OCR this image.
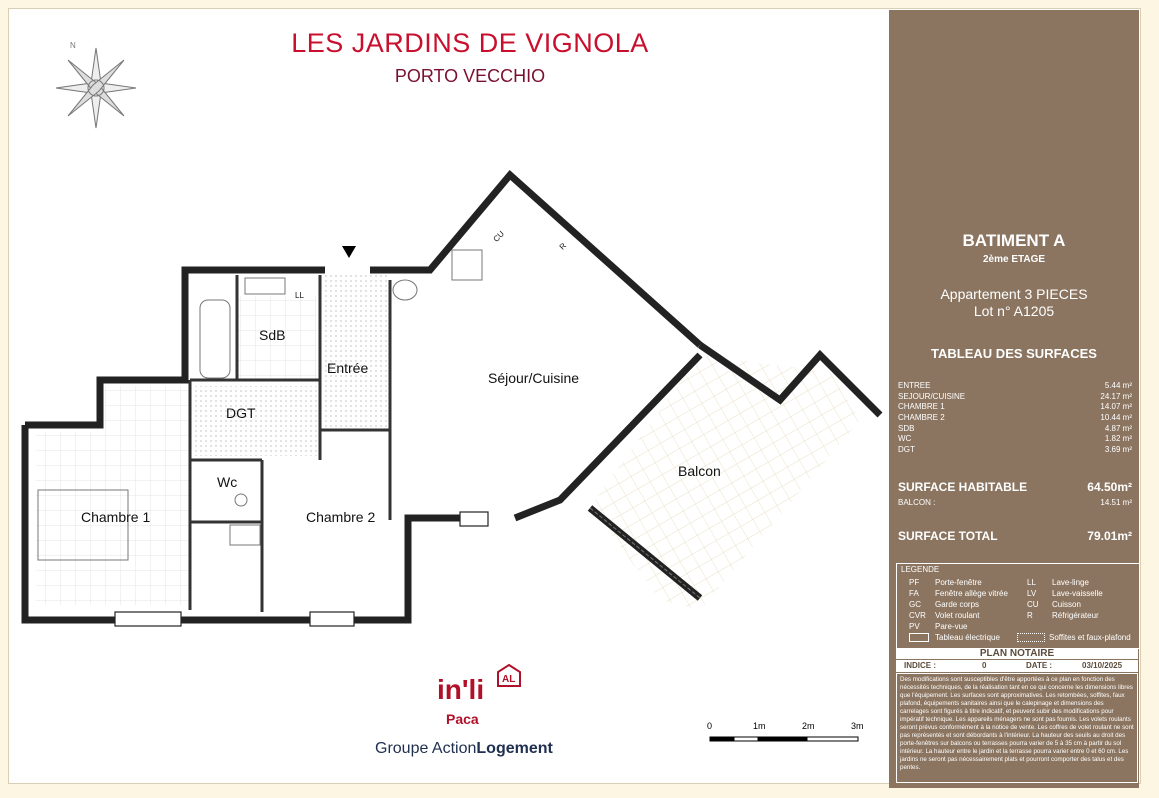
N	LES JARDINS DE VIGNOLA
PORTO VECCHIO
SdB
Entrée
Séjour/Cuisine
DGT
Wc
Chambre 1	Chambre 2
Balcon
LL
CU
R
in'li AL
Paca
Groupe ActionLogement
0	1m	2m	3m
BATIMENT A
2ème ETAGE
Appartement 3 PIECES
Lot n° A1205
TABLEAU DES SURFACES
ENTREE	5.44 m²
SEJOUR/CUISINE	24.17 m²
CHAMBRE 1	14.07 m²
CHAMBRE 2	10.44 m²
SDB	4.87 m²
WC	1.82 m²
DGT	3.69 m²
SURFACE HABITABLE	64.50m²
BALCON :	14.51 m²
SURFACE TOTAL	79.01m²
LEGENDE
PF Porte-fenêtre	LL Lave-linge
FA Fenêtre allège vitrée LV Lave-vaisselle
GC Garde corps	CU Cuisson
CVR Volet roulant	R Réfrigérateur
PV Pare-vue
Tableau électrique	Soffites et faux-plafond
PLAN NOTAIRE
INDICE :	0	DATE :	03/10/2025
Des modifications sont susceptibles d'être apportées à ce plan en fonction des nécessités techniques, de la réalisation tant en ce qui concerne les dimensions libres que l'équipement. Les surfaces sont approximatives. Les retombées, soffites, faux plafond, équipements sanitaires ainsi que le calepinage et dimensions des carrelages sont figurés à titre indicatif, et peuvent subir des modifications pour impératif technique. Les appareils ménagers ne sont pas fournis. Les volets roulants seront prévus conformément à la notice de vente. Les coffres de volet roulant ne sont pas représentés et sont débordants à l'intérieur. La hauteur des seuils au droit des porte-fenêtres sur balcons ou terrasses pourra varier de 5 à 35 cm à partir du sol intérieur. La hauteur entre le jardin et la terrasse pourra varier entre 0 et 60 cm. Les jardins ne seront pas nécessairement plats et pourront comporter des talus et des pentes.
